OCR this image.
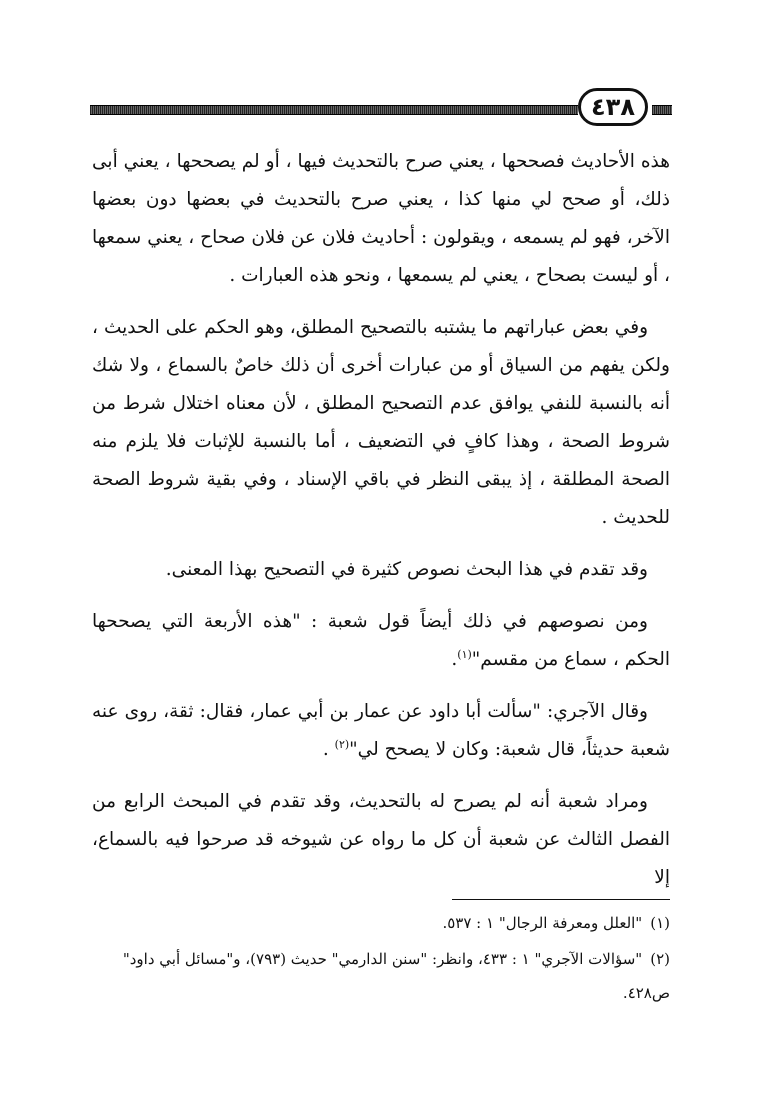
٤٣٨

هذه الأحاديث فصححها ، يعني صرح بالتحديث فيها ، أو لم يصححها ، يعني أبى ذلك، أو صحح لي منها كذا ، يعني صرح بالتحديث في بعضها دون بعضها الآخر، فهو لم يسمعه ، ويقولون : أحاديث فلان عن فلان صحاح ، يعني سمعها ، أو ليست بصحاح ، يعني لم يسمعها ، ونحو هذه العبارات .

وفي بعض عباراتهم ما يشتبه بالتصحيح المطلق، وهو الحكم على الحديث ، ولكن يفهم من السياق أو من عبارات أخرى أن ذلك خاصٌ بالسماع ، ولا شك أنه بالنسبة للنفي يوافق عدم التصحيح المطلق ، لأن معناه اختلال شرط من شروط الصحة ، وهذا كافٍ في التضعيف ، أما بالنسبة للإثبات فلا يلزم منه الصحة المطلقة ، إذ يبقى النظر في باقي الإسناد ، وفي بقية شروط الصحة للحديث .

وقد تقدم في هذا البحث نصوص كثيرة في التصحيح بهذا المعنى.

ومن نصوصهم في ذلك أيضاً قول شعبة : "هذه الأربعة التي يصححها الحكم ، سماع من مقسم"$^{(١)}$.

وقال الآجري: "سألت أبا داود عن عمار بن أبي عمار، فقال: ثقة، روى عنه شعبة حديثاً، قال شعبة: وكان لا يصحح لي"$^{(٢)}$ .

ومراد شعبة أنه لم يصرح له بالتحديث، وقد تقدم في المبحث الرابع من الفصل الثالث عن شعبة أن كل ما رواه عن شيوخه قد صرحوا فيه بالسماع، إلا

(١)"العلل ومعرفة الرجال" ١ : ٥٣٧.

(٢)"سؤالات الآجري" ١ : ٤٣٣، وانظر: "سنن الدارمي" حديث (٧٩٣)، و"مسائل أبي داود" ص٤٢٨.
